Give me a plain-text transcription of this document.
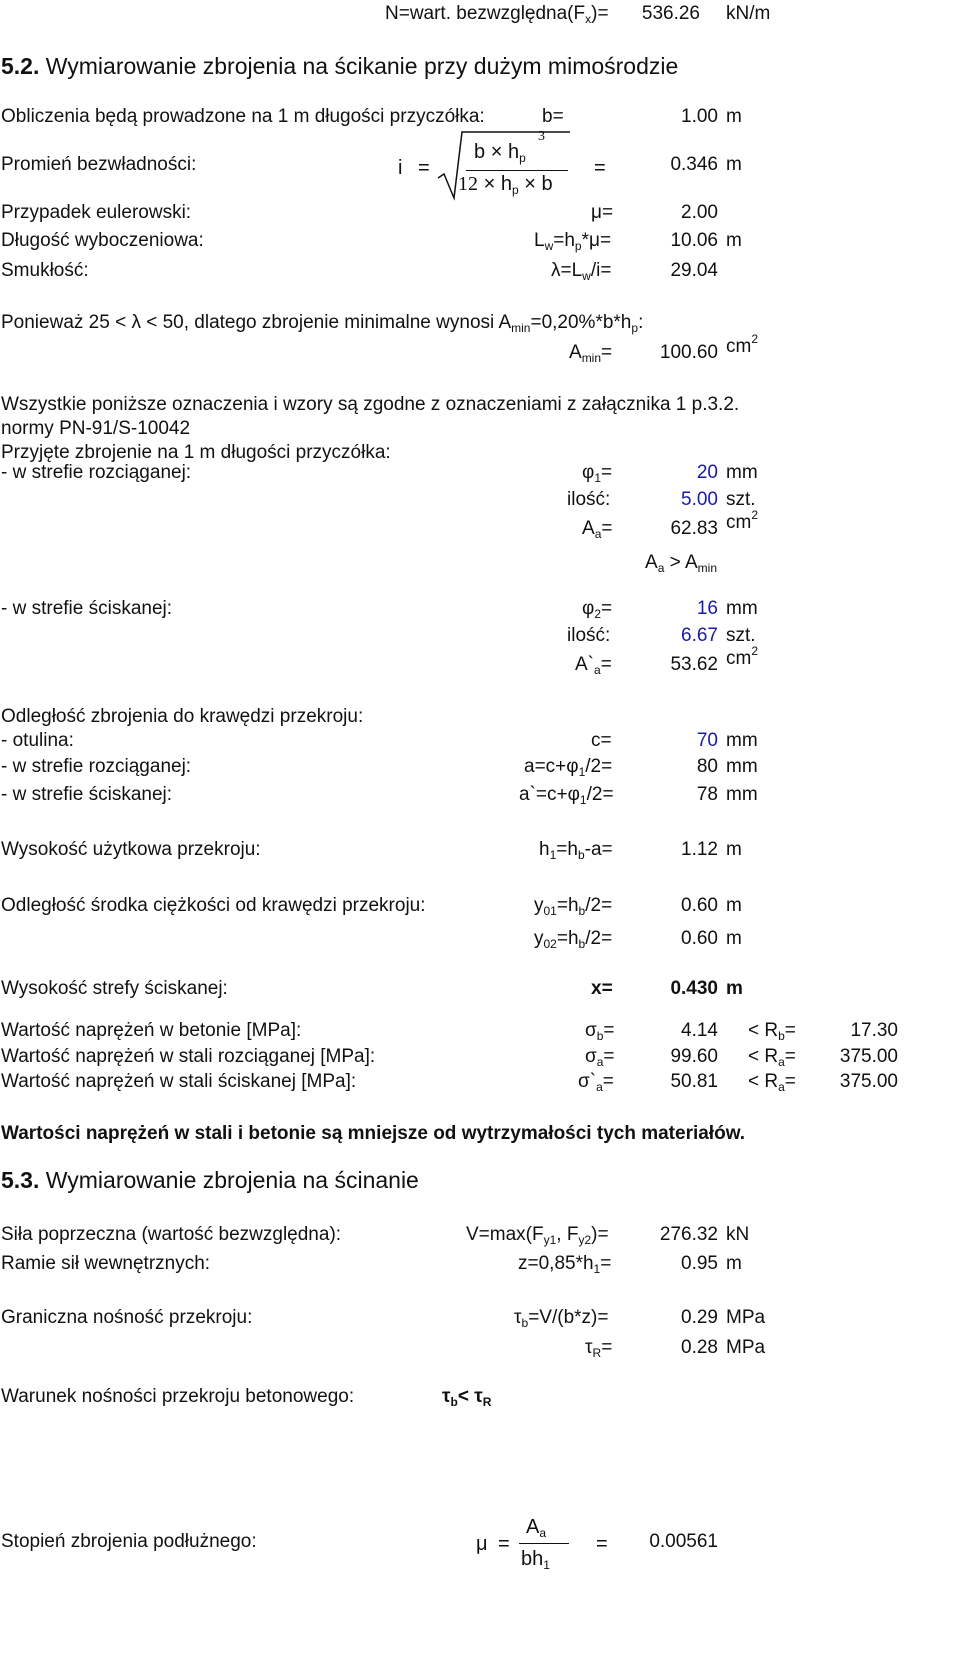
N=wart. $bezwzględna(F_x)=$	536.26 kN/m
5.2. Wymiarowanie zbrojenia na ścikanie przy dużym mimośrodzie
Obliczenia będą prowadzone na 1 m długości przyczółka:	b=	1.00 m
Promień bezwładności:	i =
$b \times h_p$
3
$12 \times h_p \times b$
=	0.346 m
Przypadek eulerowski:	μ=	2.00
Długość wyboczeniowa:	$L_w=h_p*\mu=$	10.06 m
Smukłość:	$\lambda=L_w/i=$	29.04
Ponieważ 25 < λ < 50, dlatego zbrojenie minimalne wynosi $A_{min}=0,20\%*b*h_p$:
$A_{min}=$	100.60 $cm^2$
Wszystkie poniższe oznaczenia i wzory są zgodne z oznaczeniami z załącznika 1 p.3.2.
normy PN-91/S-10042
Przyjęte zbrojenie na 1 m długości przyczółka:
- w strefie rozciąganej:	$\varphi_1=$	20 mm
ilość:	5.00 szt.
$A_a=$	62.83 $cm^2$
$A_a > A_{min}$
- w strefie ściskanej:	$\varphi_2=$	16 mm
ilość:	6.67 szt.
$A`_a=$	53.62 $cm^2$
Odległość zbrojenia do krawędzi przekroju:
- otulina:	c=	70 mm
- w strefie rozciąganej:	$a=c+\varphi_1/2=$	80 mm
- w strefie ściskanej:	$a`=c+\varphi_1/2=$	78 mm
Wysokość użytkowa przekroju:	$h_1=h_b-a=$	1.12 m
Odległość środka ciężkości od krawędzi przekroju:	$y_{01}=h_b/2=$	0.60 m
$y_{02}=h_b/2=$	0.60 m
Wysokość strefy ściskanej:	x=	0.430 m
Wartość naprężeń w betonie [MPa]:	$\sigma_b=$	$4.14 < R_b=$	17.30
Wartość naprężeń w stali rozciąganej [MPa]:	$\sigma_a=$	$99.60 < R_a=$	375.00
Wartość naprężeń w stali ściskanej [MPa]:	$\sigma`_a=$	$50.81 < R_a=$	375.00
Wartości naprężeń w stali i betonie są mniejsze od wytrzymałości tych materiałów.
5.3. Wymiarowanie zbrojenia na ścinanie
Siła poprzeczna (wartość bezwzględna):	$V=\max(F_{y1}$, $F_{y2})=$	276.32 kN
Ramie sił wewnętrznych:	$z=0,85*h_1=$	0.95 m
Graniczna nośność przekroju:	$\tau_b=V/(b*z)=$	0.29 MPa
$\tau_R=$	0.28 MPa
Warunek nośności przekroju betonowego:	$\tau_b< \tau_R$
Stopień zbrojenia podłużnego:	μ =
$A_a$
$bh_1$
=	0.00561
